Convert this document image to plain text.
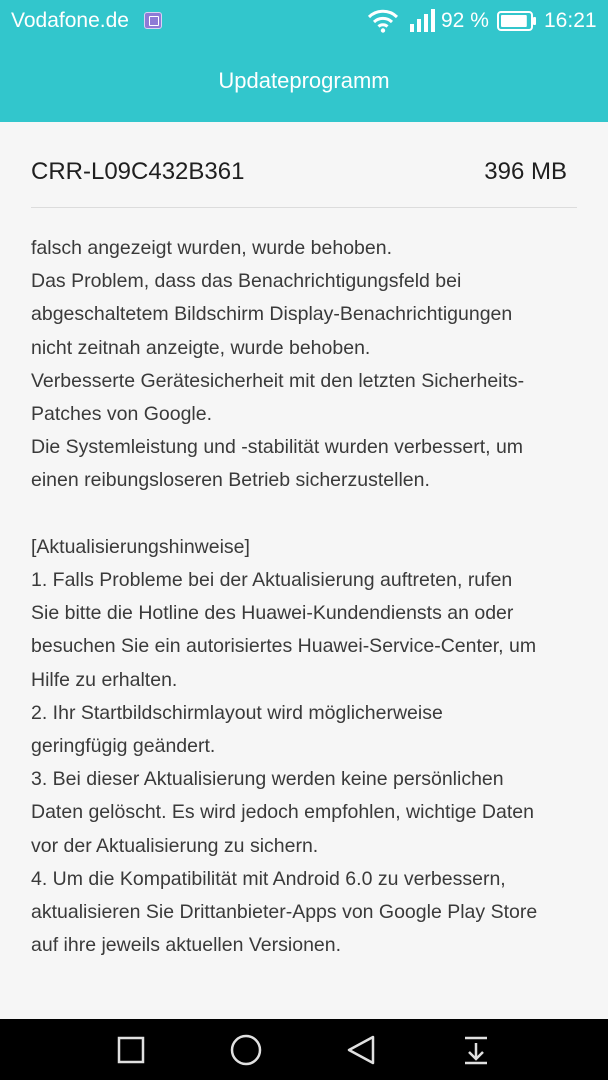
Vodafone.de	92 %	16:21
Updateprogramm
CRR-L09C432B361	396 MB
falsch angezeigt wurden, wurde behoben.
Das Problem, dass das Benachrichtigungsfeld bei
abgeschaltetem Bildschirm Display-Benachrichtigungen
nicht zeitnah anzeigte, wurde behoben.
Verbesserte Gerätesicherheit mit den letzten Sicherheits-
Patches von Google.
Die Systemleistung und -stabilität wurden verbessert, um
einen reibungsloseren Betrieb sicherzustellen.
[Aktualisierungshinweise]
1. Falls Probleme bei der Aktualisierung auftreten, rufen
Sie bitte die Hotline des Huawei-Kundendiensts an oder
besuchen Sie ein autorisiertes Huawei-Service-Center, um
Hilfe zu erhalten.
2. Ihr Startbildschirmlayout wird möglicherweise
geringfügig geändert.
3. Bei dieser Aktualisierung werden keine persönlichen
Daten gelöscht. Es wird jedoch empfohlen, wichtige Daten
vor der Aktualisierung zu sichern.
4. Um die Kompatibilität mit Android 6.0 zu verbessern,
aktualisieren Sie Drittanbieter-Apps von Google Play Store
auf ihre jeweils aktuellen Versionen.
